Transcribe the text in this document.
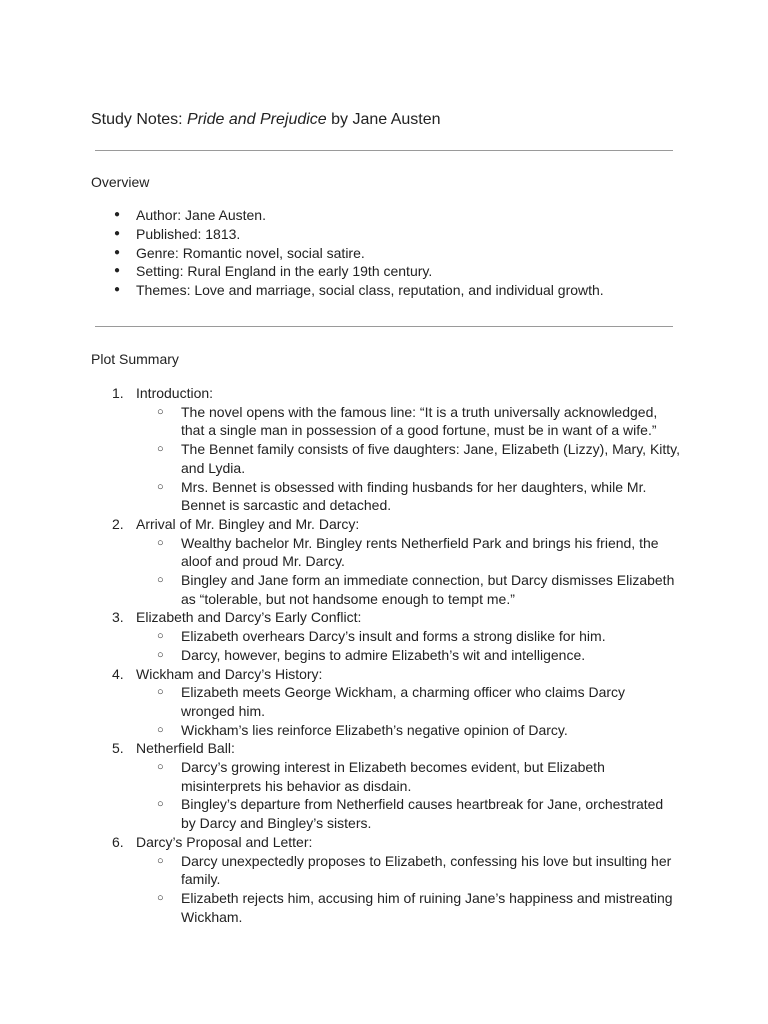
Study Notes: Pride and Prejudice by Jane Austen
Overview
● Author: Jane Austen.
● Published: 1813.
● Genre: Romantic novel, social satire.
● Setting: Rural England in the early 19th century.
● Themes: Love and marriage, social class, reputation, and individual growth.
Plot Summary
1. Introduction:
○ The novel opens with the famous line: “It is a truth universally acknowledged, that a single man in possession of a good fortune, must be in want of a wife.”
○ The Bennet family consists of five daughters: Jane, Elizabeth (Lizzy), Mary, Kitty, and Lydia.
○ Mrs. Bennet is obsessed with finding husbands for her daughters, while Mr. Bennet is sarcastic and detached.
2. Arrival of Mr. Bingley and Mr. Darcy:
○ Wealthy bachelor Mr. Bingley rents Netherfield Park and brings his friend, the aloof and proud Mr. Darcy.
○ Bingley and Jane form an immediate connection, but Darcy dismisses Elizabeth as “tolerable, but not handsome enough to tempt me.”
3. Elizabeth and Darcy’s Early Conflict:
○ Elizabeth overhears Darcy’s insult and forms a strong dislike for him.
○ Darcy, however, begins to admire Elizabeth’s wit and intelligence.
4. Wickham and Darcy’s History:
○ Elizabeth meets George Wickham, a charming officer who claims Darcy wronged him.
○ Wickham’s lies reinforce Elizabeth’s negative opinion of Darcy.
5. Netherfield Ball:
○ Darcy’s growing interest in Elizabeth becomes evident, but Elizabeth misinterprets his behavior as disdain.
○ Bingley’s departure from Netherfield causes heartbreak for Jane, orchestrated by Darcy and Bingley’s sisters.
6. Darcy’s Proposal and Letter:
○ Darcy unexpectedly proposes to Elizabeth, confessing his love but insulting her family.
○ Elizabeth rejects him, accusing him of ruining Jane’s happiness and mistreating Wickham.
